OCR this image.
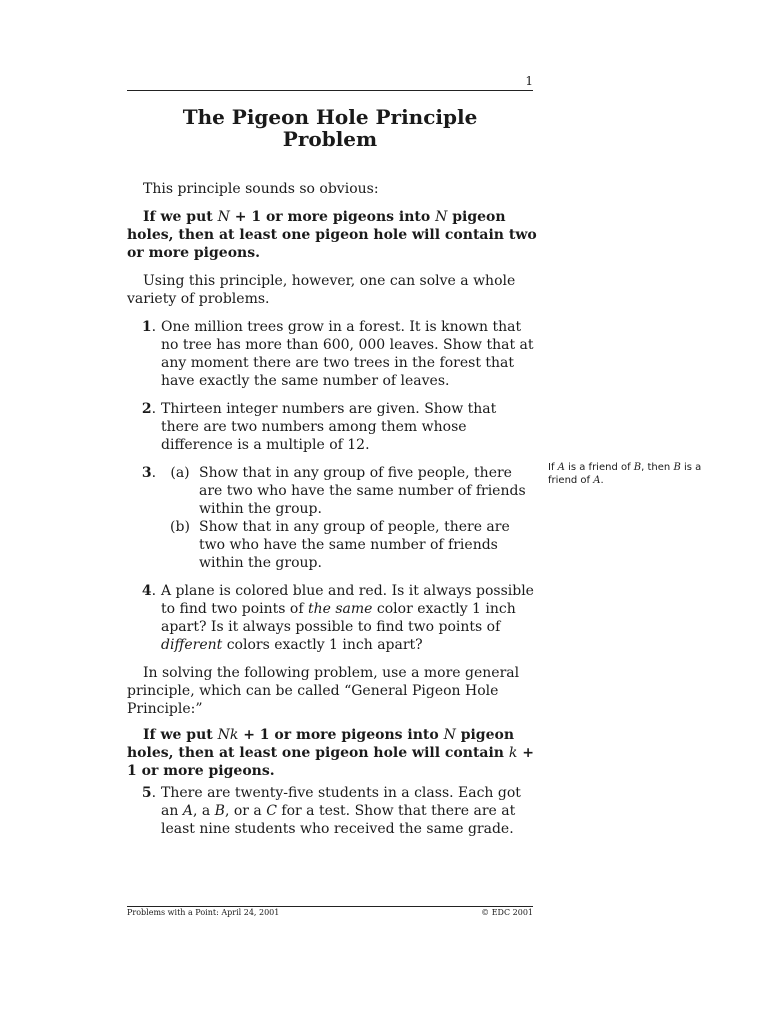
1
The Pigeon Hole Principle
Problem

This principle sounds so obvious:

If we put N + 1 or more pigeons into N pigeon holes, then at least one pigeon hole will contain two or more pigeons.

Using this principle, however, one can solve a whole variety of problems.

1. One million trees grow in a forest. It is known that no tree has more than 600, 000 leaves. Show that at any moment there are two trees in the forest that have exactly the same number of leaves.
2. Thirteen integer numbers are given. Show that there are two numbers among them whose difference is a multiple of 12.
3.	(a) Show that in any group of five people, there are two who have the same number of friends within the group.
(b) Show that in any group of people, there are two who have the same number of friends within the group.
4. A plane is colored blue and red. Is it always possible to find two points of the same color exactly 1 inch apart? Is it always possible to find two points of different colors exactly 1 inch apart?

In solving the following problem, use a more general principle, which can be called “General Pigeon Hole Principle:”

If we put Nk + 1 or more pigeons into N pigeon holes, then at least one pigeon hole will contain k + 1 or more pigeons.

5. There are twenty-five students in a class. Each got an A, a B, or a C for a test. Show that there are at least nine students who received the same grade.
If A is a friend of B, then B is a friend of A.
Problems with a Point: April 24, 2001	© EDC 2001
